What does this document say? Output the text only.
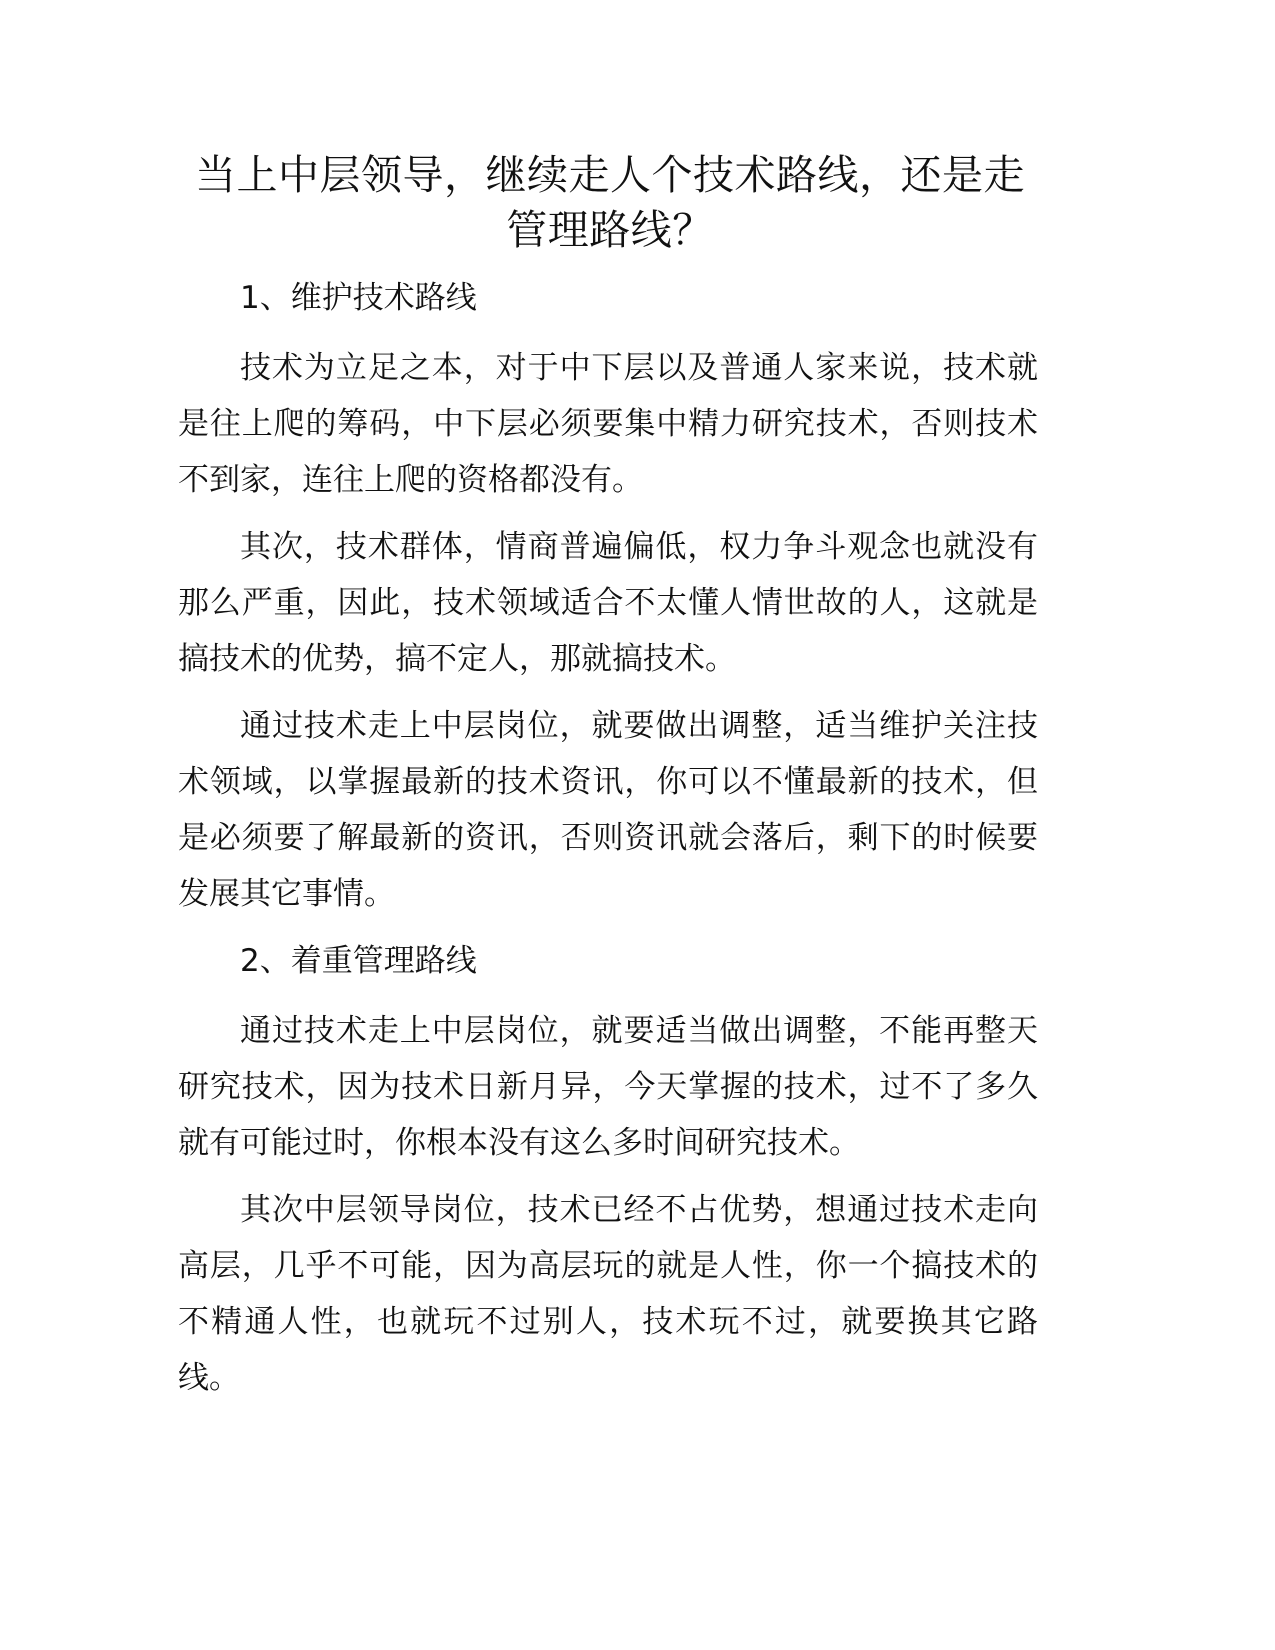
当上中层领导，继续走人个技术路线，还是走管理路线？

1、维护技术路线

技术为立足之本，对于中下层以及普通人家来说，技术就是往上爬的筹码，中下层必须要集中精力研究技术，否则技术不到家，连往上爬的资格都没有。

其次，技术群体，情商普遍偏低，权力争斗观念也就没有那么严重，因此，技术领域适合不太懂人情世故的人，这就是搞技术的优势，搞不定人，那就搞技术。

通过技术走上中层岗位，就要做出调整，适当维护关注技术领域，以掌握最新的技术资讯，你可以不懂最新的技术，但是必须要了解最新的资讯，否则资讯就会落后，剩下的时候要发展其它事情。

2、着重管理路线

通过技术走上中层岗位，就要适当做出调整，不能再整天研究技术，因为技术日新月异，今天掌握的技术，过不了多久就有可能过时，你根本没有这么多时间研究技术。

其次中层领导岗位，技术已经不占优势，想通过技术走向高层，几乎不可能，因为高层玩的就是人性，你一个搞技术的不精通人性，也就玩不过别人，技术玩不过，就要换其它路线。
